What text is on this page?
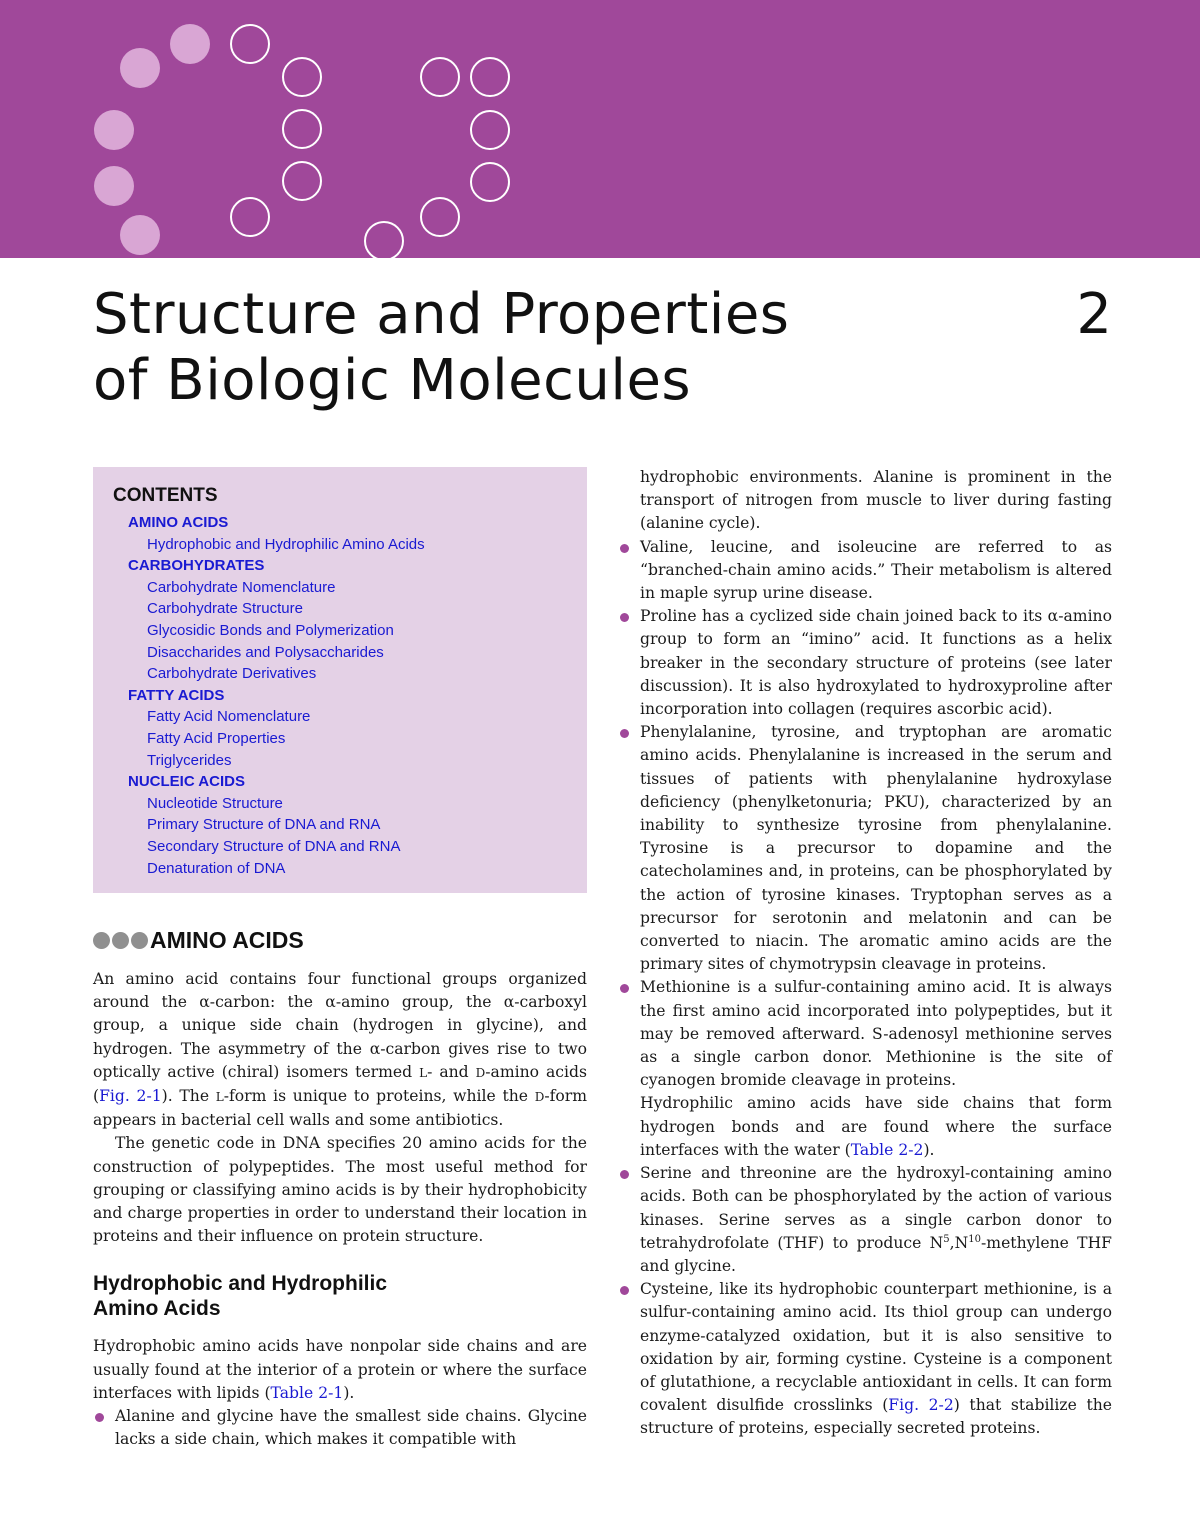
Structure and Properties
of Biologic Molecules
2
CONTENTS
AMINO ACIDS
Hydrophobic and Hydrophilic Amino Acids
CARBOHYDRATES
Carbohydrate Nomenclature
Carbohydrate Structure
Glycosidic Bonds and Polymerization
Disaccharides and Polysaccharides
Carbohydrate Derivatives
FATTY ACIDS
Fatty Acid Nomenclature
Fatty Acid Properties
Triglycerides
NUCLEIC ACIDS
Nucleotide Structure
Primary Structure of DNA and RNA
Secondary Structure of DNA and RNA
Denaturation of DNA
AMINO ACIDS

An amino acid contains four functional groups organized around the α-carbon: the α-amino group, the α-carboxyl group, a unique side chain (hydrogen in glycine), and hydrogen. The asymmetry of the α-carbon gives rise to two optically active (chiral) isomers termed L- and D-amino acids (Fig. 2-1). The L-form is unique to proteins, while the D-form appears in bacterial cell walls and some antibiotics.

The genetic code in DNA specifies 20 amino acids for the construction of polypeptides. The most useful method for grouping or classifying amino acids is by their hydrophobicity and charge properties in order to understand their location in proteins and their influence on protein structure.

Hydrophobic and Hydrophilic
Amino Acids

Hydrophobic amino acids have nonpolar side chains and are usually found at the interior of a protein or where the surface interfaces with lipids (Table 2-1).

Alanine and glycine have the smallest side chains. Glycine lacks a side chain, which makes it compatible with

hydrophobic environments. Alanine is prominent in the transport of nitrogen from muscle to liver during fasting (alanine cycle).

Valine, leucine, and isoleucine are referred to as “branched-chain amino acids.” Their metabolism is altered in maple syrup urine disease.

Proline has a cyclized side chain joined back to its α-amino group to form an “imino” acid. It functions as a helix breaker in the secondary structure of proteins (see later discussion). It is also hydroxylated to hydroxyproline after incorporation into collagen (requires ascorbic acid).

Phenylalanine, tyrosine, and tryptophan are aromatic amino acids. Phenylalanine is increased in the serum and tissues of patients with phenylalanine hydroxylase deficiency (phenylketonuria; PKU), characterized by an inability to synthesize tyrosine from phenylalanine. Tyrosine is a precursor to dopamine and the catecholamines and, in proteins, can be phosphorylated by the action of tyrosine kinases. Tryptophan serves as a precursor for serotonin and melatonin and can be converted to niacin. The aromatic amino acids are the primary sites of chymotrypsin cleavage in proteins.

Methionine is a sulfur-containing amino acid. It is always the first amino acid incorporated into polypeptides, but it may be removed afterward. S-adenosyl methionine serves as a single carbon donor. Methionine is the site of cyanogen bromide cleavage in proteins.

Hydrophilic amino acids have side chains that form hydrogen bonds and are found where the surface interfaces with the water (Table 2-2).

Serine and threonine are the hydroxyl-containing amino acids. Both can be phosphorylated by the action of various kinases. Serine serves as a single carbon donor to tetrahydrofolate (THF) to produce $N^5,N^{10}$-methylene THF and glycine.

Cysteine, like its hydrophobic counterpart methionine, is a sulfur-containing amino acid. Its thiol group can undergo enzyme-catalyzed oxidation, but it is also sensitive to oxidation by air, forming cystine. Cysteine is a component of glutathione, a recyclable antioxidant in cells. It can form covalent disulfide crosslinks (Fig. 2-2) that stabilize the structure of proteins, especially secreted proteins.
